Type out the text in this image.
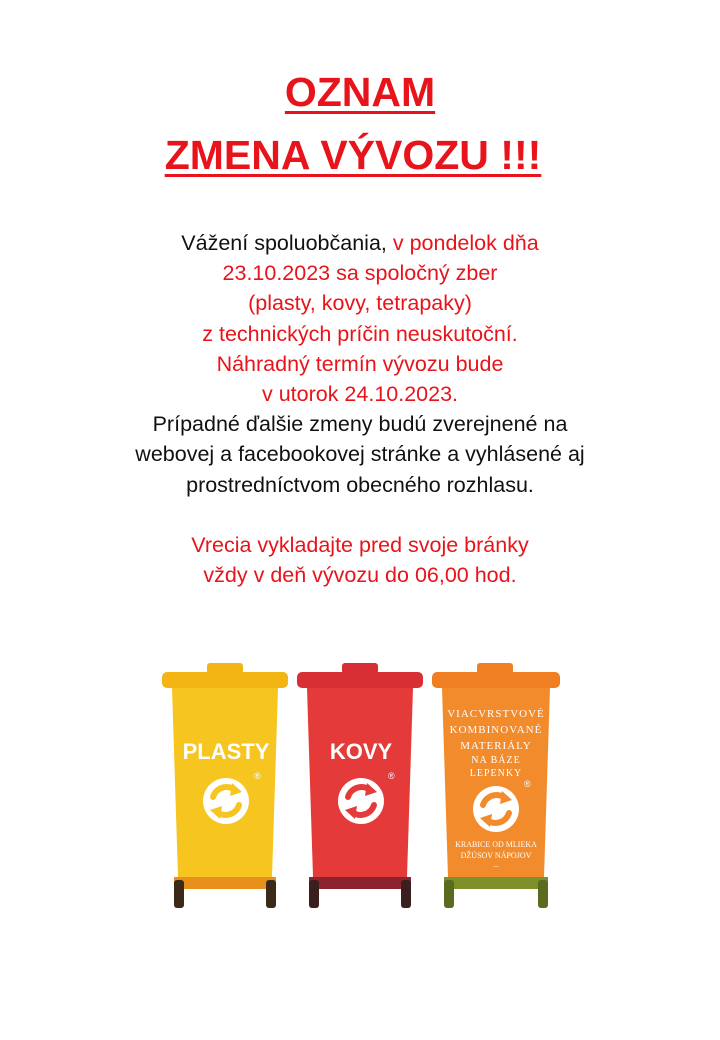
OZNAM
ZMENA VÝVOZU !!!
Vážení spoluobčania, v pondelok dňa
23.10.2023 sa spoločný zber
(plasty, kovy, tetrapaky)
z technických príčin neuskutoční.
Náhradný termín vývozu bude
v utorok 24.10.2023.
Prípadné ďalšie zmeny budú zverejnené na
webovej a facebookovej stránke a vyhlásené aj
prostredníctvom obecného rozhlasu.
Vrecia vykladajte pred svoje bránky
vždy v deň vývozu do 06,00 hod.
PLASTY
®
KOVY
®
VIACVRSTVOVÉ
KOMBINOVANÉ
MATERIÁLY
NA BÁZE
LEPENKY
®
KRABICE OD MLIEKA
DŽÚSOV NÁPOJOV
...
